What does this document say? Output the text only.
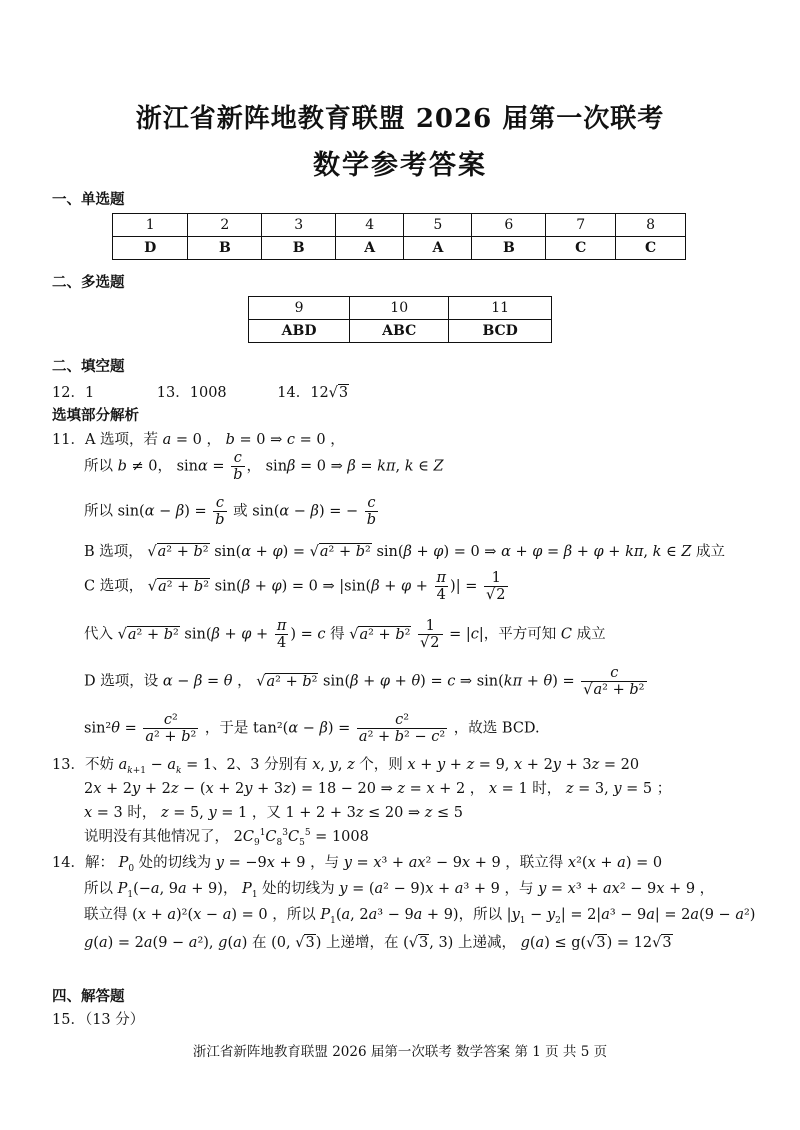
浙江省新阵地教育联盟 2026 届第一次联考
数学参考答案
一、单选题
1	2	3	4	5	6	7	8
D	B	B	A	A	B	C	C
二、多选题
9	10	11
ABD	ABC	BCD
二、填空题
12．1	13．1008	14．12√3
选填部分解析
11．A 选项，若 a = 0 ， b = 0 ⇒ c = 0 ，
所以 b ≠ 0， $\sin\alpha = \frac{c}{b}$ ， sinβ = 0 ⇒ β = kπ, k ∈ Z
所以 $\sin(\alpha - \beta) = \frac{c}{b}$ 或 sin(α − β) = − $\frac{c}{b}$
B 选项， √a² + b² sin(α + φ) = √a² + b² sin(β + φ) = 0 ⇒ α + φ = β + φ + kπ, k ∈ Z 成立
C 选项， √a² + b² sin(β + φ) = 0 ⇒ $|\sin(\beta + \varphi + \frac{\pi}{4}$ )| = $\frac{1}{√2}$
代入 √a² + b² $\sin(\beta + \varphi + \frac{\pi}{4}$ ) = c 得 $√a^2 + b^2 \frac{1}{√2} = |c|$，平方可知 C 成立
D 选项，设 α − β = θ ， √a² + b² sin(β + φ + θ) = c ⇒ $\sin(k\pi + \theta) = \frac{c}{\text{√a² + b²}}$
$\sin^2\theta = \frac{\text{c²}}{\text{a² + b²}}$ ，于是 $\tan^2(\alpha - \beta) = \frac{\text{c²}}{\text{a² + b² − c²}}$ ，故选 BCD.
13．不妨 $a_{k+1} - a_k = 1$、2、3 分别有 x, y, z 个，则 x + y + z = 9, x + 2y + 3z = 20
2x + 2y + 2z − (x + 2y + 3z) = 18 − 20 ⇒ z = x + 2 ， x = 1 时， z = 3, y = 5 ；
x = 3 时， z = 5, y = 1 ，又 1 + 2 + 3z ≤ 20 ⇒ z ≤ 5
说明没有其他情况了， $2C_9^1C_8^3C_5^5 = 1008$
14．解： $P_0$ 处的切线为 y = −9x + 9 ，与 y = x³ + ax² − 9x + 9 ，联立得 x²(x + a) = 0
所以 $P_1(-a$, 9a + 9)， $P_1$ 处的切线为 y = (a² − 9)x + a³ + 9 ，与 y = x³ + ax² − 9x + 9 ，
联立得 (x + a)²(x − a) = 0 ，所以 $P_1(a$, 2a³ − 9a + 9)，所以 $|y_1 - y_2| = 2|a^3 - 9a| = 2a(9 - a^2)$
g(a) = 2a(9 − a²), g(a) 在 (0, √3) 上递增，在 (√3, 3) 上递减， g(a) ≤ g(√3) = 12√3
四、解答题
15．（13 分）
浙江省新阵地教育联盟 2026 届第一次联考 数学答案 第 1 页 共 5 页
